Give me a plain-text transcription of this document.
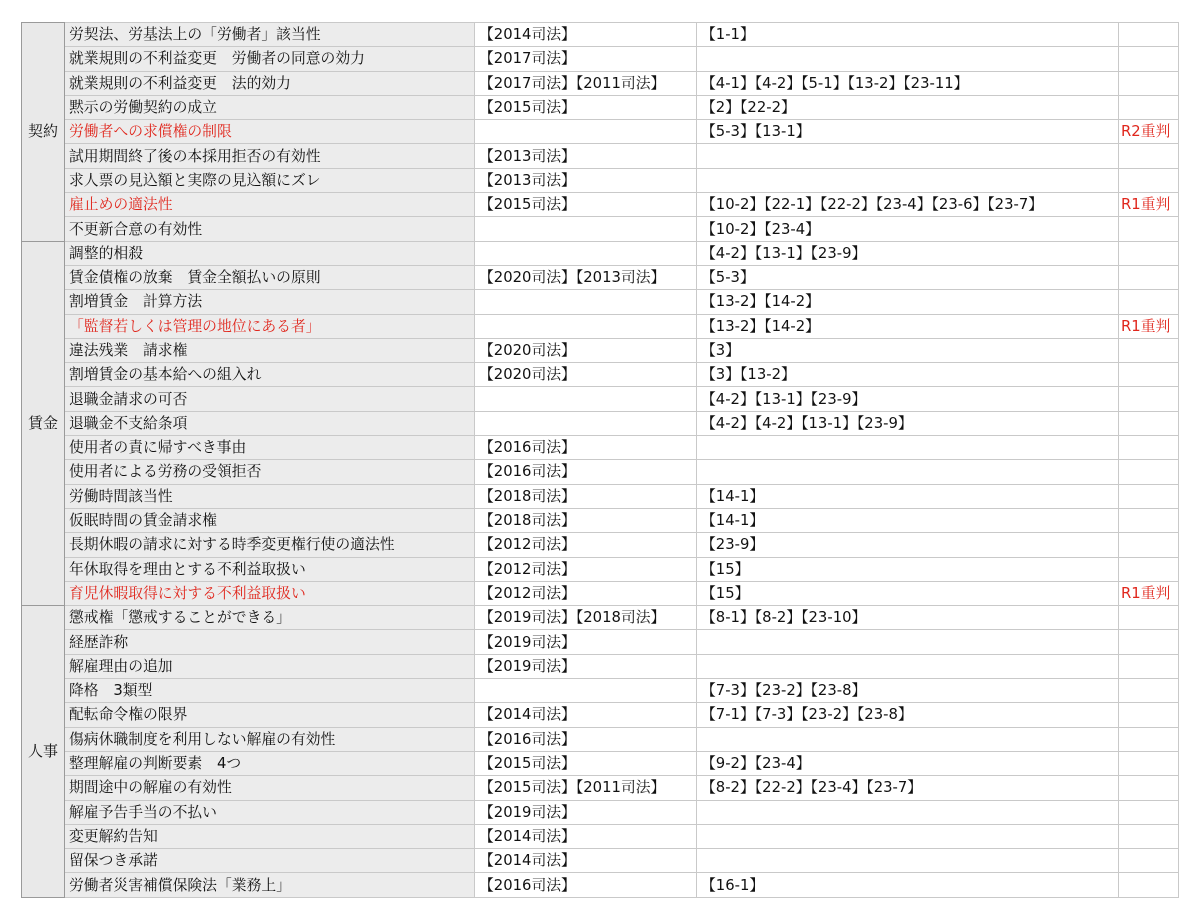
契約	労契法、労基法上の「労働者」該当性	【2014司法】	【1-1】	
	就業規則の不利益変更　労働者の同意の効力	【2017司法】		
	就業規則の不利益変更　法的効力	【2017司法】【2011司法】	【4-1】【4-2】【5-1】【13-2】【23-11】	
	黙示の労働契約の成立	【2015司法】	【2】【22-2】	
	労働者への求償権の制限		【5-3】【13-1】	R2重判
	試用期間終了後の本採用拒否の有効性	【2013司法】		
	求人票の見込額と実際の見込額にズレ	【2013司法】		
	雇止めの適法性	【2015司法】	【10-2】【22-1】【22-2】【23-4】【23-6】【23-7】	R1重判
	不更新合意の有効性		【10-2】【23-4】	
賃金	調整的相殺		【4-2】【13-1】【23-9】	
	賃金債権の放棄　賃金全額払いの原則	【2020司法】【2013司法】	【5-3】	
	割増賃金　計算方法		【13-2】【14-2】	
	「監督若しくは管理の地位にある者」		【13-2】【14-2】	R1重判
	違法残業　請求権	【2020司法】	【3】	
	割増賃金の基本給への組入れ	【2020司法】	【3】【13-2】	
	退職金請求の可否		【4-2】【13-1】【23-9】	
	退職金不支給条項		【4-2】【4-2】【13-1】【23-9】	
	使用者の責に帰すべき事由	【2016司法】		
	使用者による労務の受領拒否	【2016司法】		
	労働時間該当性	【2018司法】	【14-1】	
	仮眠時間の賃金請求権	【2018司法】	【14-1】	
	長期休暇の請求に対する時季変更権行使の適法性	【2012司法】	【23-9】	
	年休取得を理由とする不利益取扱い	【2012司法】	【15】	
	育児休暇取得に対する不利益取扱い	【2012司法】	【15】	R1重判
人事	懲戒権「懲戒することができる」	【2019司法】【2018司法】	【8-1】【8-2】【23-10】	
	経歴詐称	【2019司法】		
	解雇理由の追加	【2019司法】		
	降格　3類型		【7-3】【23-2】【23-8】	
	配転命令権の限界	【2014司法】	【7-1】【7-3】【23-2】【23-8】	
	傷病休職制度を利用しない解雇の有効性	【2016司法】		
	整理解雇の判断要素　4つ	【2015司法】	【9-2】【23-4】	
	期間途中の解雇の有効性	【2015司法】【2011司法】	【8-2】【22-2】【23-4】【23-7】	
	解雇予告手当の不払い	【2019司法】		
	変更解約告知	【2014司法】		
	留保つき承諾	【2014司法】		
	労働者災害補償保険法「業務上」	【2016司法】	【16-1】	
